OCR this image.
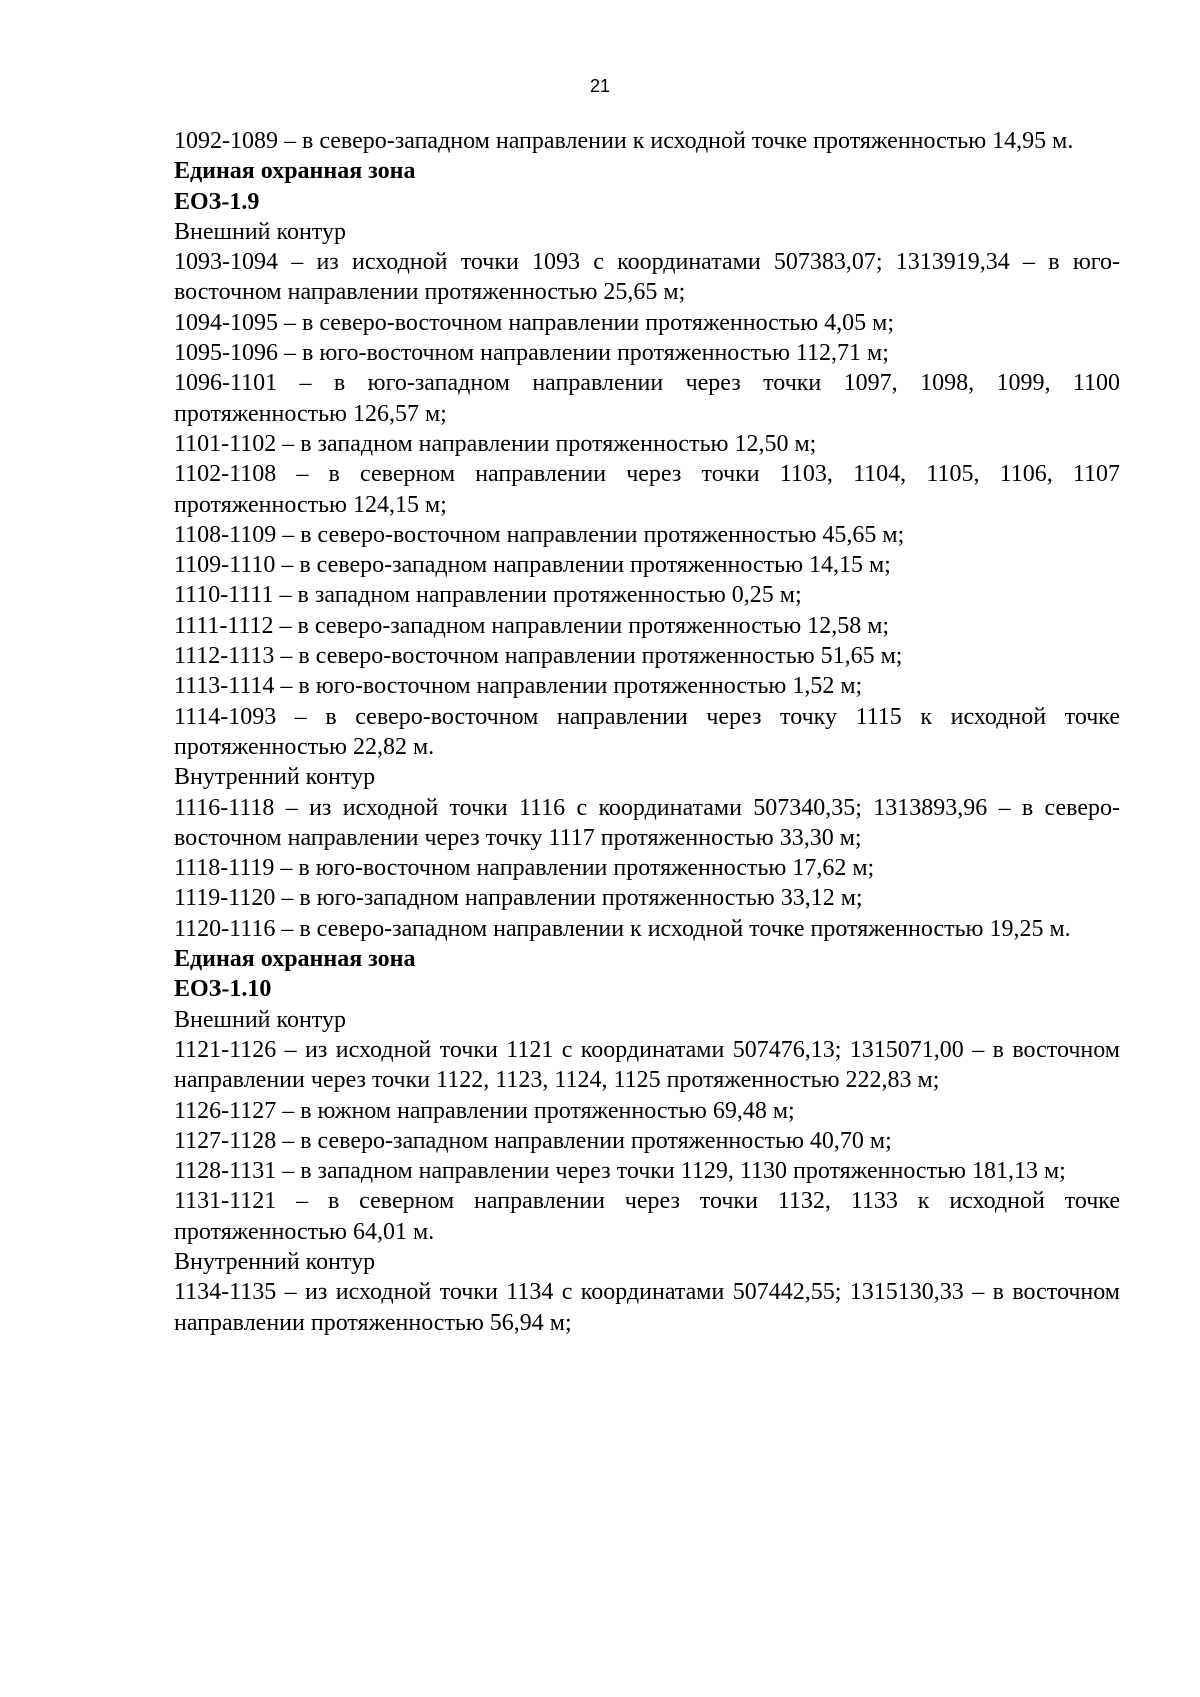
21

1092-1089 – в северо-западном направлении к исходной точке протяженностью 14,95 м.

Единая охранная зона

ЕОЗ-1.9

Внешний контур

1093-1094 – из исходной точки 1093 с координатами 507383,07; 1313919,34 – в юго-восточном направлении протяженностью 25,65 м;

1094-1095 – в северо-восточном направлении протяженностью 4,05 м;

1095-1096 – в юго-восточном направлении протяженностью 112,71 м;

1096-1101 – в юго-западном направлении через точки 1097, 1098, 1099, 1100 протяженностью 126,57 м;

1101-1102 – в западном направлении протяженностью 12,50 м;

1102-1108 – в северном направлении через точки 1103, 1104, 1105, 1106, 1107 протяженностью 124,15 м;

1108-1109 – в северо-восточном направлении протяженностью 45,65 м;

1109-1110 – в северо-западном направлении протяженностью 14,15 м;

1110-1111 – в западном направлении протяженностью 0,25 м;

1111-1112 – в северо-западном направлении протяженностью 12,58 м;

1112-1113 – в северо-восточном направлении протяженностью 51,65 м;

1113-1114 – в юго-восточном направлении протяженностью 1,52 м;

1114-1093 – в северо-восточном направлении через точку 1115 к исходной точке протяженностью 22,82 м.

Внутренний контур

1116-1118 – из исходной точки 1116 с координатами 507340,35; 1313893,96 – в северо-восточном направлении через точку 1117 протяженностью 33,30 м;

1118-1119 – в юго-восточном направлении протяженностью 17,62 м;

1119-1120 – в юго-западном направлении протяженностью 33,12 м;

1120-1116 – в северо-западном направлении к исходной точке протяженностью 19,25 м.

Единая охранная зона

ЕОЗ-1.10

Внешний контур

1121-1126 – из исходной точки 1121 с координатами 507476,13; 1315071,00 – в восточном направлении через точки 1122, 1123, 1124, 1125 протяженностью 222,83 м;

1126-1127 – в южном направлении протяженностью 69,48 м;

1127-1128 – в северо-западном направлении протяженностью 40,70 м;

1128-1131 – в западном направлении через точки 1129, 1130 протяженностью 181,13 м;

1131-1121 – в северном направлении через точки 1132, 1133 к исходной точке протяженностью 64,01 м.

Внутренний контур

1134-1135 – из исходной точки 1134 с координатами 507442,55; 1315130,33 – в восточном направлении протяженностью 56,94 м;
